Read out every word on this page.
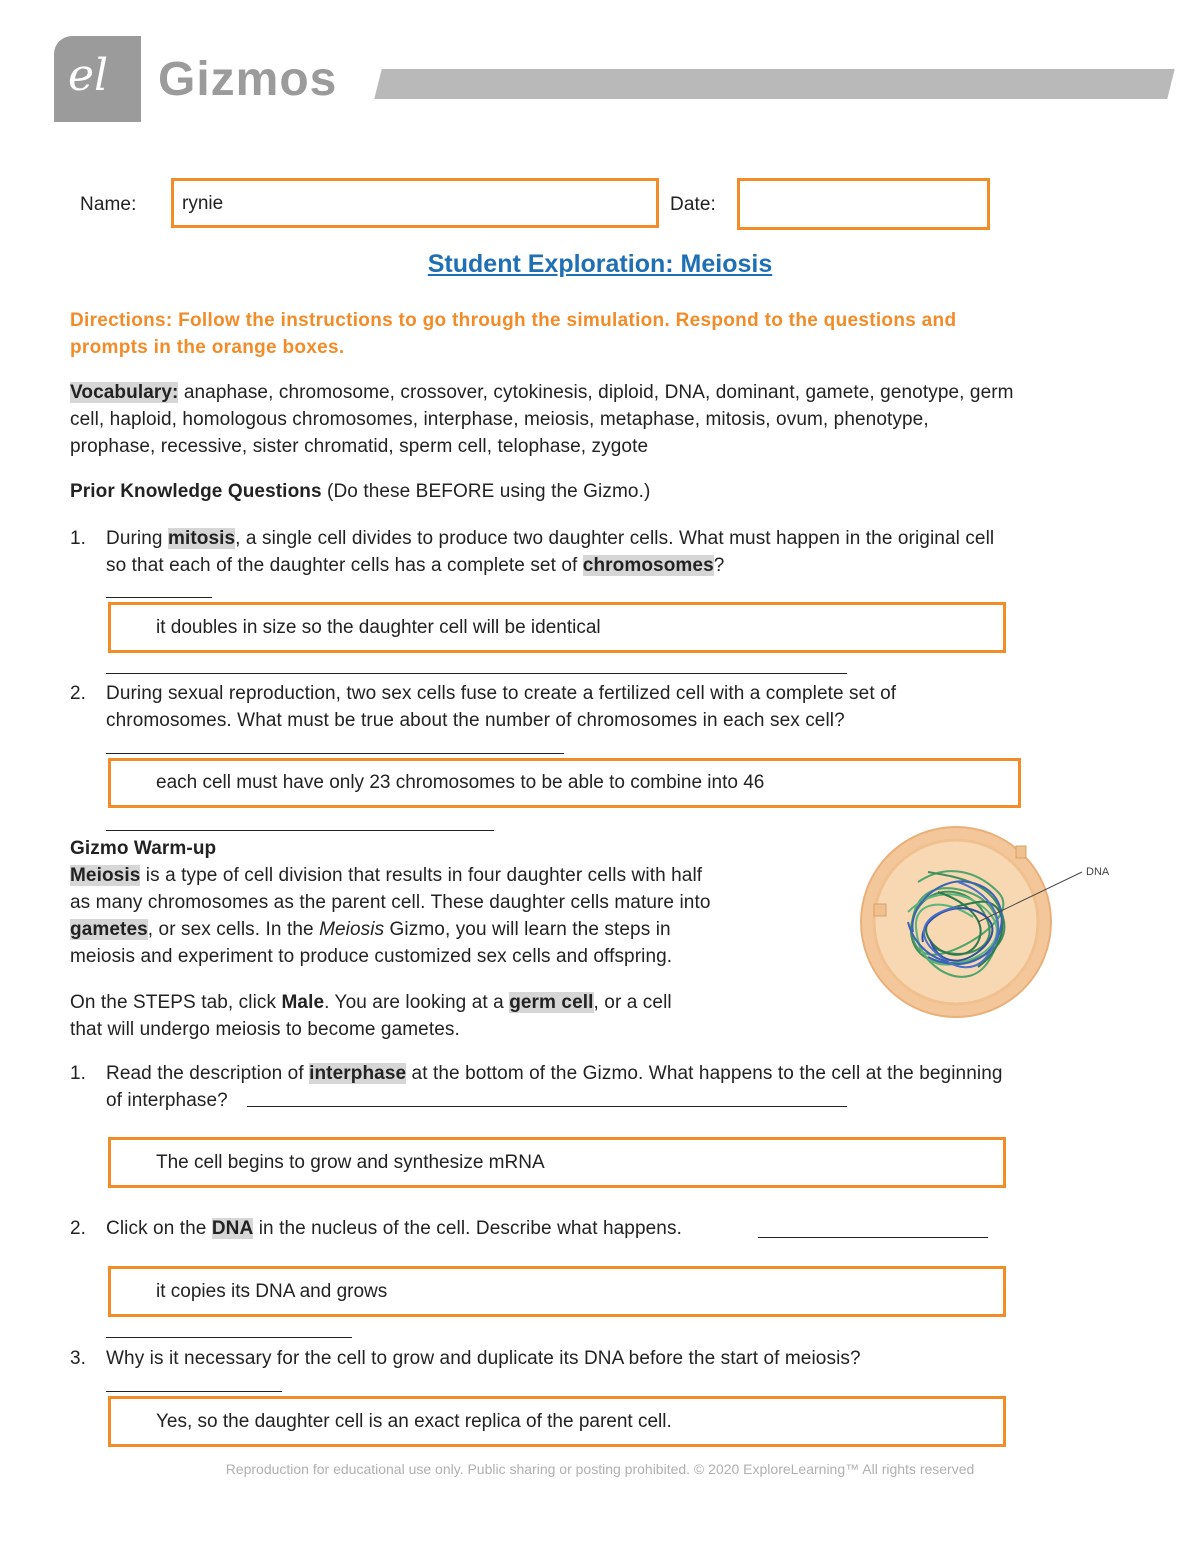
el Gizmos
Name: rynie	Date:
Student Exploration: Meiosis
Directions: Follow the instructions to go through the simulation. Respond to the questions and
prompts in the orange boxes.
Vocabulary: anaphase, chromosome, crossover, cytokinesis, diploid, DNA, dominant, gamete, genotype, germ
cell, haploid, homologous chromosomes, interphase, meiosis, metaphase, mitosis, ovum, phenotype,
prophase, recessive, sister chromatid, sperm cell, telophase, zygote
Prior Knowledge Questions (Do these BEFORE using the Gizmo.)
1. During mitosis, a single cell divides to produce two daughter cells. What must happen in the original cell
so that each of the daughter cells has a complete set of chromosomes?
it doubles in size so the daughter cell will be identical
2. During sexual reproduction, two sex cells fuse to create a fertilized cell with a complete set of
chromosomes. What must be true about the number of chromosomes in each sex cell?
each cell must have only 23 chromosomes to be able to combine into 46
Gizmo Warm-up
Meiosis is a type of cell division that results in four daughter cells with half
as many chromosomes as the parent cell. These daughter cells mature into
gametes, or sex cells. In the Meiosis Gizmo, you will learn the steps in
meiosis and experiment to produce customized sex cells and offspring.
On the STEPS tab, click Male. You are looking at a germ cell, or a cell
that will undergo meiosis to become gametes.
DNA
1. Read the description of interphase at the bottom of the Gizmo. What happens to the cell at the beginning
of interphase?
The cell begins to grow and synthesize mRNA
2. Click on the DNA in the nucleus of the cell. Describe what happens.
it copies its DNA and grows
3. Why is it necessary for the cell to grow and duplicate its DNA before the start of meiosis?
Yes, so the daughter cell is an exact replica of the parent cell.
Reproduction for educational use only. Public sharing or posting prohibited. © 2020 ExploreLearning™ All rights reserved
